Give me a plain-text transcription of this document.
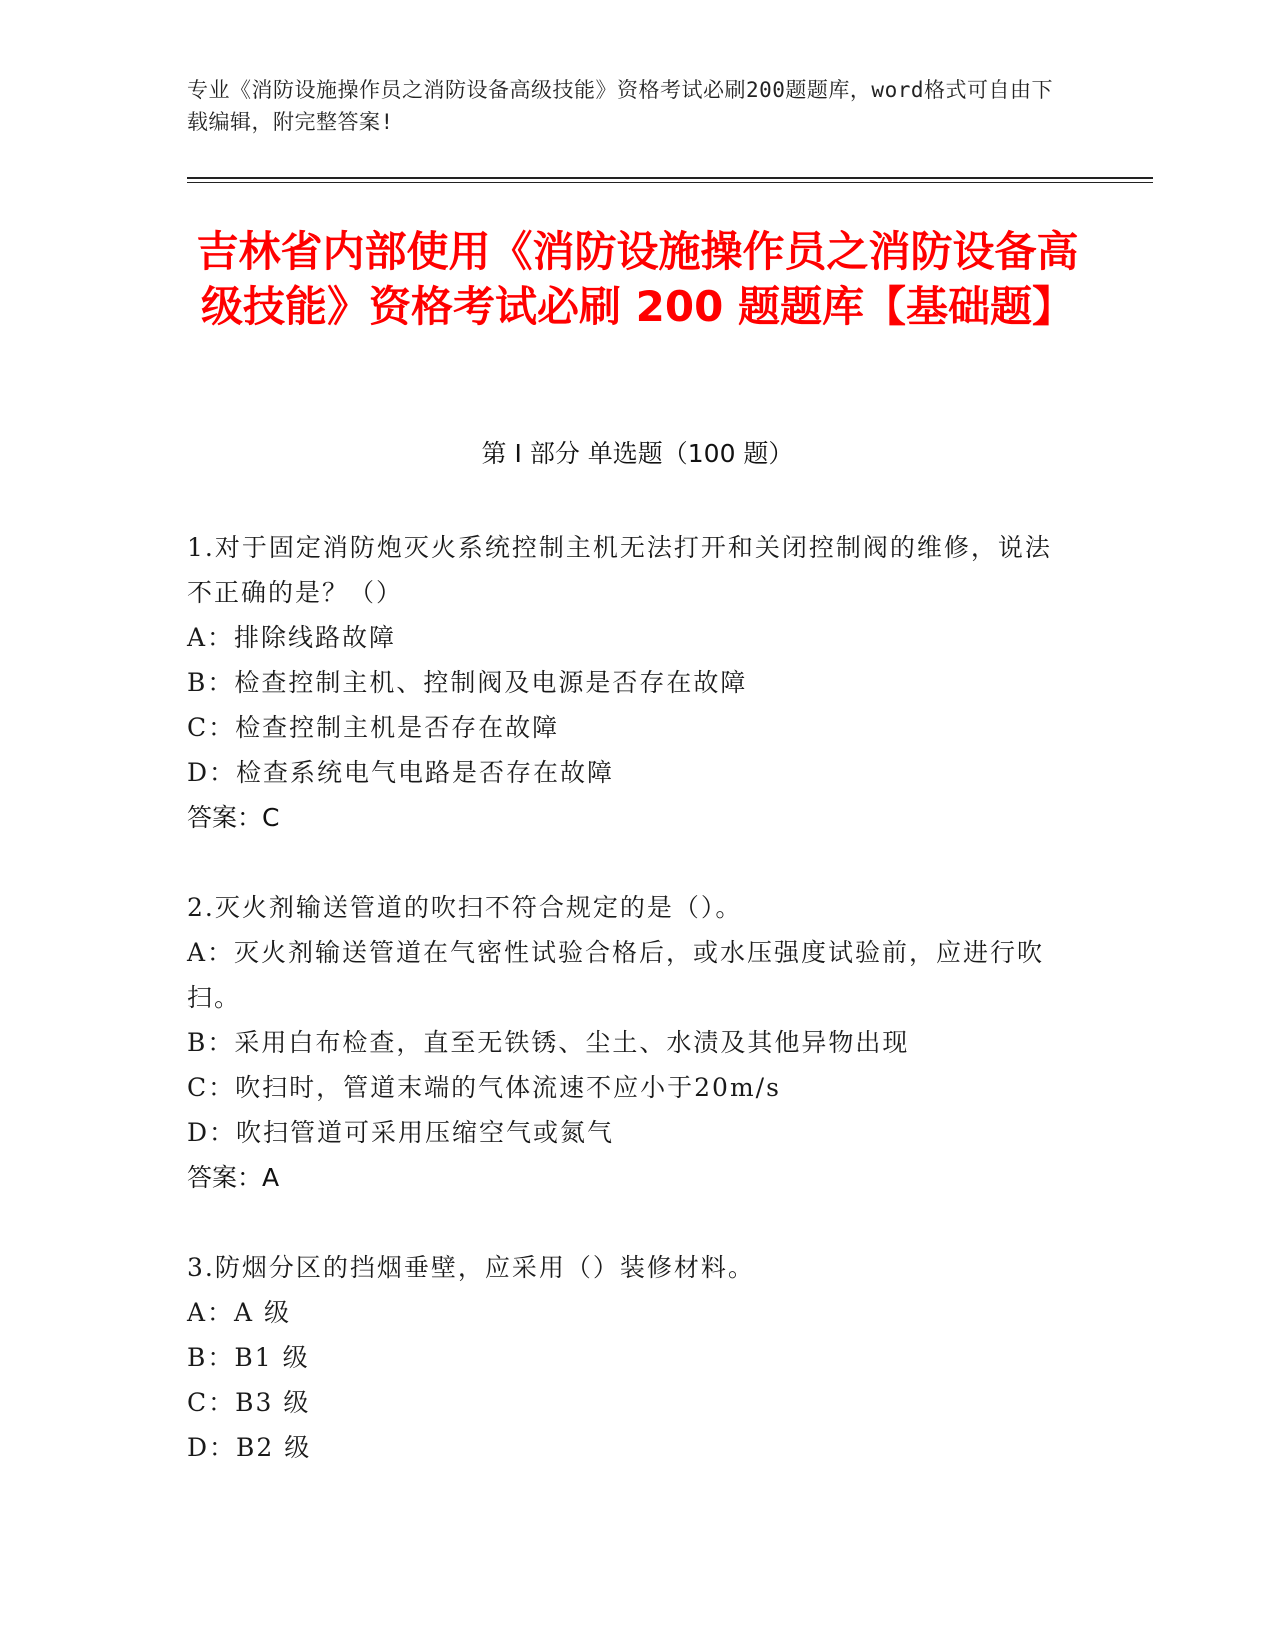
专业《消防设施操作员之消防设备高级技能》资格考试必刷200题题库，word格式可自由下载编辑，附完整答案!
吉林省内部使用《消防设施操作员之消防设备高级技能》资格考试必刷 200 题题库【基础题】
第 I 部分 单选题（100 题）
1.对于固定消防炮灭火系统控制主机无法打开和关闭控制阀的维修，说法不正确的是？（）
A：排除线路故障
B：检查控制主机、控制阀及电源是否存在故障
C：检查控制主机是否存在故障
D：检查系统电气电路是否存在故障
答案：C
2.灭火剂输送管道的吹扫不符合规定的是（）。
A：灭火剂输送管道在气密性试验合格后，或水压强度试验前，应进行吹扫。
B：采用白布检查，直至无铁锈、尘土、水渍及其他异物出现
C：吹扫时，管道末端的气体流速不应小于20m/s
D：吹扫管道可采用压缩空气或氮气
答案：A
3.防烟分区的挡烟垂壁，应采用（）装修材料。
A：A 级
B：B1 级
C：B3 级
D：B2 级
